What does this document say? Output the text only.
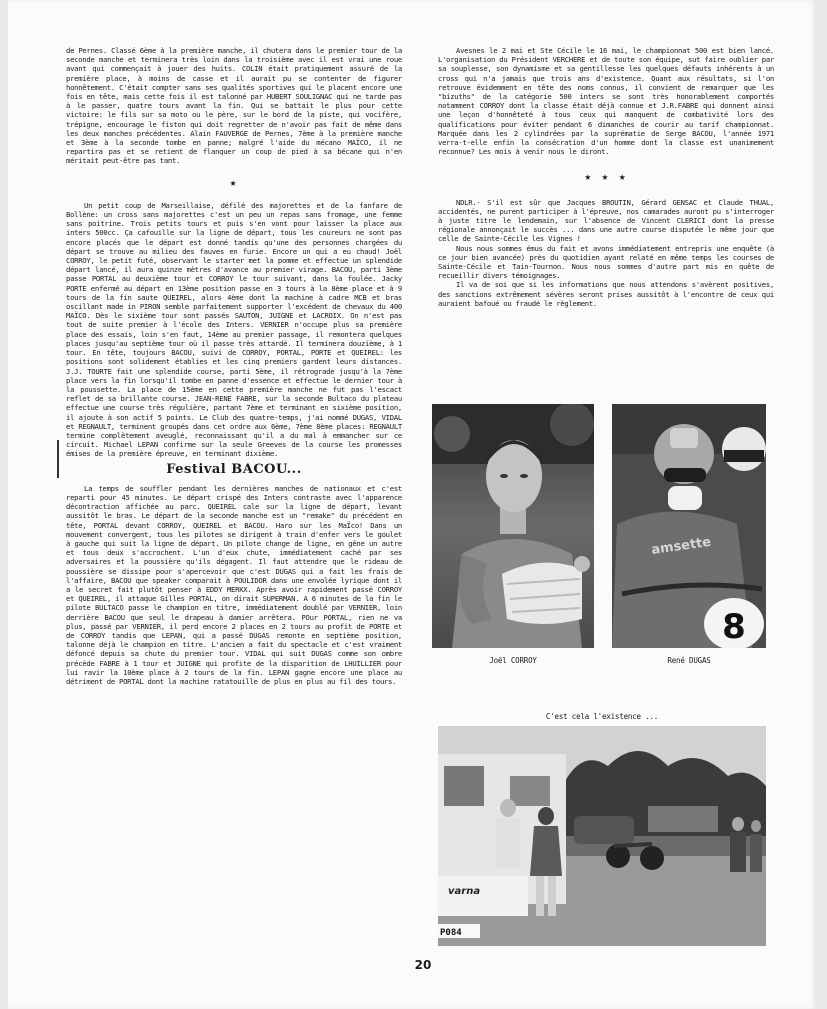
de Pernes. Classé 6ème à la première manche, il chutera dans le premier tour de la seconde manche et terminera très loin dans la troisième avec il est vrai une roue avant qui commençait à jouer des huits. COLIN était pratiquement assuré de la première place, à moins de casse et il aurait pu se contenter de figurer honnêtement. C'était compter sans ses qualités sportives qui le placent encore une fois en tête, mais cette fois il est talonné par HUBERT SOULIGNAC qui ne tarde pas à le passer, quatre tours avant la fin. Qui se battait le plus pour cette victoire: le fils sur sa moto ou le père, sur le bord de la piste, qui vocifère, trépigne, encourage le fiston qui doit regretter de n'avoir pas fait de même dans les deux manches précédentes. Alain FAUVERGE de Pernes, 7ème à la première manche et 3ème à la seconde tombe en panne; malgré l'aide du mécano MAÏCO, il ne repartira pas et se retient de flanquer un coup de pied à sa bécane qui n'en méritait peut-être pas tant.

★

Un petit coup de Marseillaise, défilé des majorettes et de la fanfare de Bollène: un cross sans majorettes c'est un peu un repas sans fromage, une femme sans poitrine. Trois petits tours et puis s'en vont pour laisser la place aux inters 500cc. Ça cafouille sur la ligne de départ, tous les coureurs ne sont pas encore placés que le départ est donné tandis qu'une des personnes chargées du départ se trouve au milieu des fauves en furie. Encore un qui a eu chaud! Joël CORROY, le petit futé, observant le starter met la pomme et effectue un splendide départ lancé, il aura quinze mètres d'avance au premier virage. BACOU, parti 3ème passe PORTAL au deuxième tour et CORROY le tour suivant, dans la foulée. Jacky PORTE enfermé au départ en 13ème position passe en 3 tours à la 8ème place et à 9 tours de la fin saute QUEIREL, alors 4ème dont la machine à cadre MCB et bras oscillant made in PIRON semble parfaitement supporter l'excédent de chevaux du 400 MAÏCO. Dès le sixième tour sont passés SAUTON, JUIGNE et LACROIX. On n'est pas tout de suite premier à l'école des Inters. VERNIER n'occupe plus sa première place des essais, loin s'en faut, 14ème au premier passage, il remontera quelques places jusqu'au septième tour où il passe très attardé. Il terminera douzième, à 1 tour. En tête, toujours BACOU, suivi de CORROY, PORTAL, PORTE et QUEIREL: les positions sont solidement établies et les cinq premiers gardent leurs distances. J.J. TOURTE fait une splendide course, parti 5ème, il rétrograde jusqu'à la 7ème place vers la fin lorsqu'il tombe en panne d'essence et effectue le dernier tour à la poussette. La place de 15ème en cette première manche ne fut pas l'escact reflet de sa brillante course. JEAN-RENE FABRE, sur la seconde Bultaco du plateau effectue une course très régulière, partant 7ème et terminant en sixième position, il ajoute à son actif 5 points. Le Club des quatre-temps, j'ai nommé DUGAS, VIDAL et REGNAULT, terminent groupés dans cet ordre aux 6ème, 7ème 8ème places: REGNAULT termine complètement aveuglé, reconnaissant qu'il a du mal à emmancher sur ce circuit. Michael LEPAN confirme sur la seule Greeves de la course les promesses émises de la première épreuve, en terminant dixième.

Festival BACOU...

La temps de souffler pendant les dernières manches de nationaux et c'est reparti pour 45 minutes. Le départ crispé des Inters contraste avec l'apparence décontraction affichée au parc. QUEIREL cale sur la ligne de départ, levant aussitôt le bras. Le départ de la seconde manche est un "remake" du précédent en tête, PORTAL devant CORROY, QUEIREL et BACOU. Haro sur les MaÏco! Dans un mouvement convergent, tous les pilotes se dirigent à train d'enfer vers le goulet à gauche qui suit la ligne de départ. Un pilote change de ligne, en gêne un autre et tous deux s'accrochent. L'un d'eux chute, immédiatement caché par ses adversaires et la poussière qu'ils dégagent. Il faut attendre que le rideau de poussière se dissipe pour s'apercevoir que c'est DUGAS qui a fait les frais de l'affaire, BACOU que speaker comparait à POULIDOR dans une envolée lyrique dont il a le secret fait plutôt penser à EDDY MERKX. Après avoir rapidement passé CORROY et QUEIREL, il attaque Gilles PORTAL, on dirait SUPERMAN. A 6 minutes de la fin le pilote BULTACO passe le champion en titre, immédiatement doublé par VERNIER, loin derrière BACOU que seul le drapeau à damier arrêtera. POur PORTAL, rien ne va plus, passé par VERNIER, il perd encore 2 places en 2 tours au profit de PORTE et de CORROY tandis que LEPAN, qui a passé DUGAS remonte en septième position, talonne déjà le champion en titre. L'ancien a fait du spectacle et c'est vraiment défoncé depuis sa chute du premier tour. VIDAL qui suit DUGAS comme son ombre précède FABRE à 1 tour et JUIGNE qui profite de la disparition de LHUILLIER pour lui ravir la 10ème place à 2 tours de la fin. LEPAN gagne encore une place au détriment de PORTAL dont la machine ratatouille de plus en plus au fil des tours.

Avesnes le 2 mai et Ste Cécile le 16 mai, le championnat 500 est bien lancé. L'organisation du Président VERCHERE et de toute son équipe, sut faire oublier par sa souplesse, son dynamisme et sa gentillesse les quelques défauts inhérents à un cross qui n'a jamais que trois ans d'existence. Quant aux résultats, si l'on retrouve évidemment en tête des noms connus, il convient de remarquer que les "bizuths" de la catégorie 500 inters se sont très honorablement comportés notamment CORROY dont la classe était déjà connue et J.R.FABRE qui donnent ainsi une leçon d'honnêteté à tous ceux qui manquent de combativité lors des qualifications pour éviter pendant 6 dimanches de courir au tarif championnat. Marquée dans les 2 cylindrées par la suprématie de Serge BACOU, l'année 1971 verra-t-elle enfin la consécration d'un homme dont la classe est unanimement reconnue? Les mois à venir nous le diront.

★ ★ ★

NDLR.- S'il est sûr que Jacques BROUTIN, Gérard GENSAC et Claude THUAL, accidentés, ne purent participer à l'épreuve, nos camarades auront pu s'interroger à juste titre le lendemain, sur l'absence de Vincent CLERICI dont la presse régionale annonçait le succès ... dans une autre course disputée le même jour que celle de Sainte-Cécile les Vignes !

Nous nous sommes émus du fait et avons immédiatement entrepris une enquête (à ce jour bien avancée) près du quotidien ayant relaté en même temps les courses de Sainte-Cécile et Tain-Tournon. Nous nous sommes d'autre part mis en quête de recueillir divers témoignages.

Il va de soi que si les informations que nous attendons s'avèrent positives, des sanctions extrêmement sévères seront prises aussitôt à l'encontre de ceux qui auraient bafoué ou fraudé le règlement.

Joël CORROY
amsette
8
René DUGAS
C'est cela l'existence ...
varna
P084
20
